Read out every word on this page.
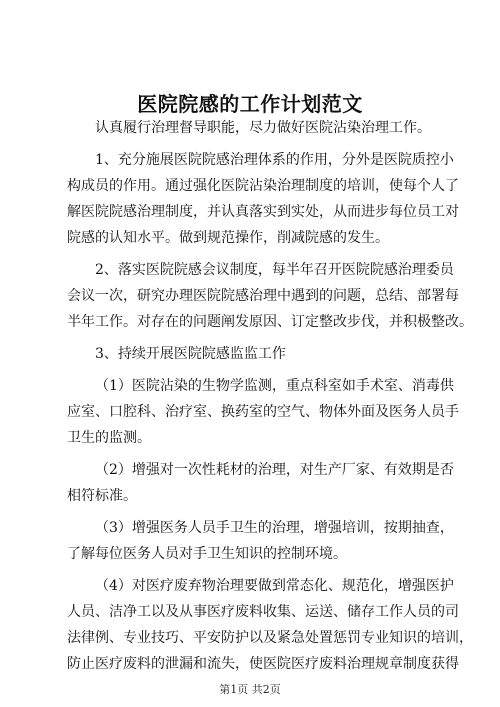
医院院感的工作计划范文
认真履行治理督导职能，尽力做好医院沾染治理工作。
1、充分施展医院院感治理体系的作用，分外是医院质控小
构成员的作用。通过强化医院沾染治理制度的培训，使每个人了
解医院院感治理制度，并认真落实到实处，从而进步每位员工对
院感的认知水平。做到规范操作，削减院感的发生。
2、落实医院院感会议制度，每半年召开医院院感治理委员
会议一次，研究办理医院院感治理中遇到的问题，总结、部署每
半年工作。对存在的问题阐发原因、订定整改步伐，并积极整改。
3、持续开展医院院感监监工作
（1）医院沾染的生物学监测，重点科室如手术室、消毒供
应室、口腔科、治疗室、换药室的空气、物体外面及医务人员手
卫生的监测。
（2）增强对一次性耗材的治理，对生产厂家、有效期是否
相符标准。
（3）增强医务人员手卫生的治理，增强培训，按期抽查，
了解每位医务人员对手卫生知识的控制环境。
（4）对医疗废弃物治理要做到常态化、规范化，增强医护
人员、洁净工以及从事医疗废料收集、运送、储存工作人员的司
法律例、专业技巧、平安防护以及紧急处置惩罚专业知识的培训，
防止医疗废料的泄漏和流失，使医院医疗废料治理规章制度获得
第1页 共2页
